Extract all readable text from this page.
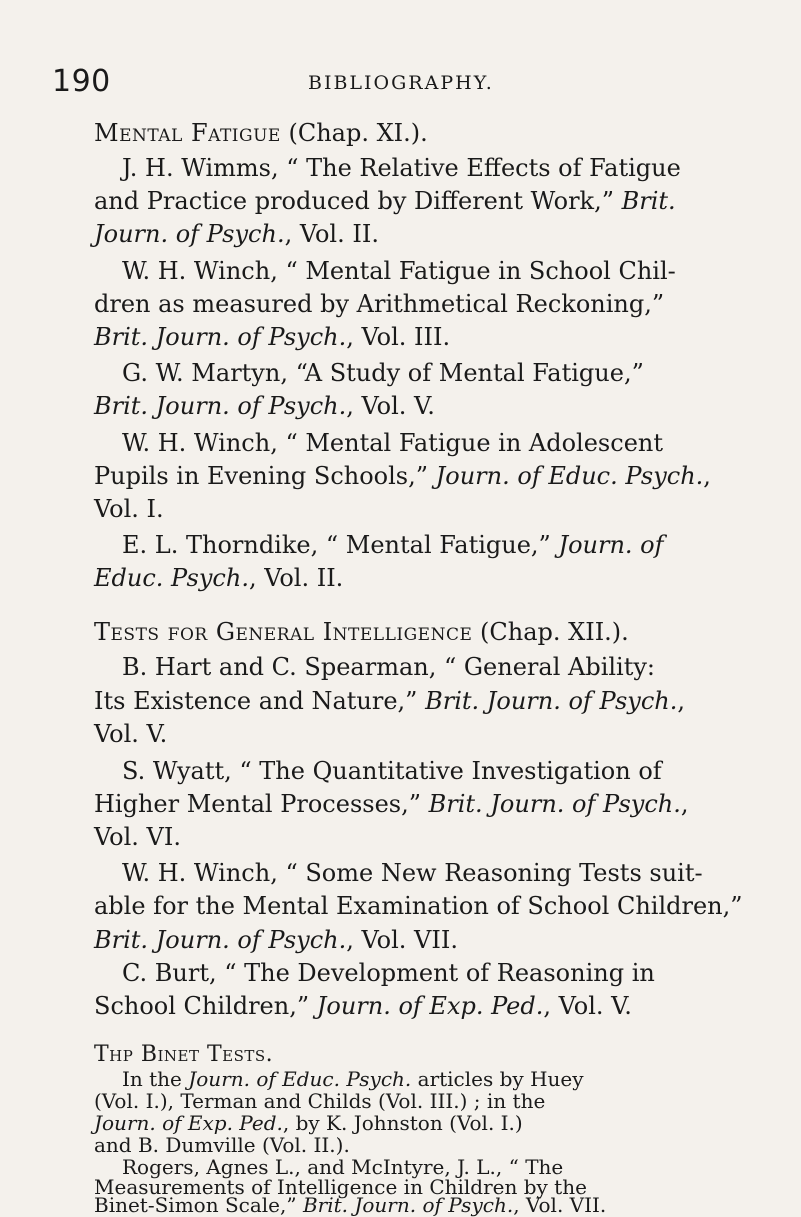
190	BIBLIOGRAPHY.
Mental Fatigue (Chap. XI.).
J. H. Wimms, “ The Relative Effects of Fatigue
and Practice produced by Different Work,” Brit.
Journ. of Psych., Vol. II.
W. H. Winch, “ Mental Fatigue in School Chil-
dren as measured by Arithmetical Reckoning,”
Brit. Journ. of Psych., Vol. III.
G. W. Martyn, “A Study of Mental Fatigue,”
Brit. Journ. of Psych., Vol. V.
W. H. Winch, “ Mental Fatigue in Adolescent
Pupils in Evening Schools,” Journ. of Educ. Psych.,
Vol. I.
E. L. Thorndike, “ Mental Fatigue,” Journ. of
Educ. Psych., Vol. II.
Tests for General Intelligence (Chap. XII.).
B. Hart and C. Spearman, “ General Ability:
Its Existence and Nature,” Brit. Journ. of Psych.,
Vol. V.
S. Wyatt, “ The Quantitative Investigation of
Higher Mental Processes,” Brit. Journ. of Psych.,
Vol. VI.
W. H. Winch, “ Some New Reasoning Tests suit-
able for the Mental Examination of School Children,”
Brit. Journ. of Psych., Vol. VII.
C. Burt, “ The Development of Reasoning in
School Children,” Journ. of Exp. Ped., Vol. V.
Thp Binet Tests.
In the Journ. of Educ. Psych. articles by Huey
(Vol. I.), Terman and Childs (Vol. III.) ; in the
Journ. of Exp. Ped., by K. Johnston (Vol. I.)
and B. Dumville (Vol. II.).
Rogers, Agnes L., and McIntyre, J. L., “ The
Measurements of Intelligence in Children by the
Binet-Simon Scale,” Brit. Journ. of Psych., Vol. VII.
